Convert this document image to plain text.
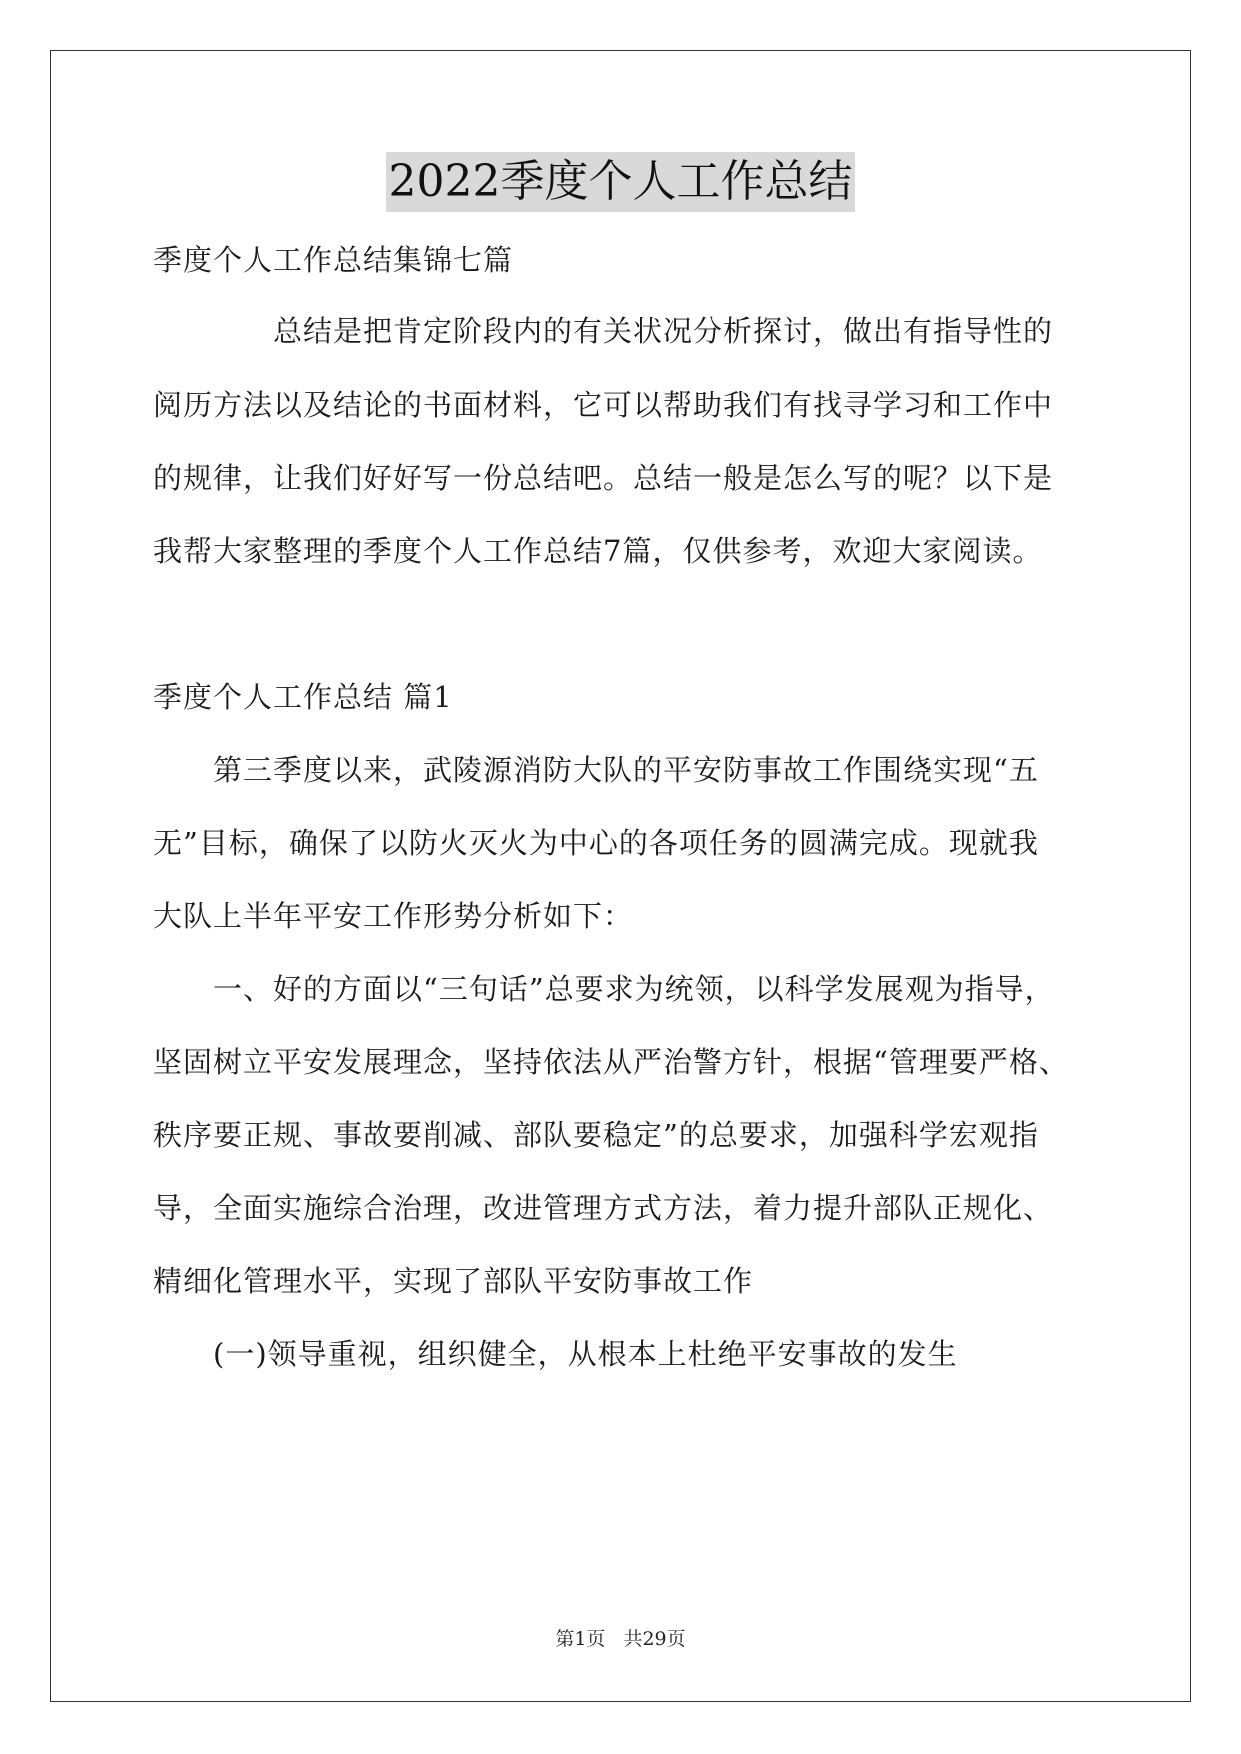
2022季度个人工作总结
季度个人工作总结集锦七篇
总结是把肯定阶段内的有关状况分析探讨，做出有指导性的
阅历方法以及结论的书面材料，它可以帮助我们有找寻学习和工作中
的规律，让我们好好写一份总结吧。总结一般是怎么写的呢？以下是
我帮大家整理的季度个人工作总结7篇，仅供参考，欢迎大家阅读。
季度个人工作总结 篇1
第三季度以来，武陵源消防大队的平安防事故工作围绕实现“五
无”目标，确保了以防火灭火为中心的各项任务的圆满完成。现就我
大队上半年平安工作形势分析如下：
一、好的方面以“三句话”总要求为统领，以科学发展观为指导，
坚固树立平安发展理念，坚持依法从严治警方针，根据“管理要严格、
秩序要正规、事故要削减、部队要稳定”的总要求，加强科学宏观指
导，全面实施综合治理，改进管理方式方法，着力提升部队正规化、
精细化管理水平，实现了部队平安防事故工作
(一)领导重视，组织健全，从根本上杜绝平安事故的发生
第1页 共29页
